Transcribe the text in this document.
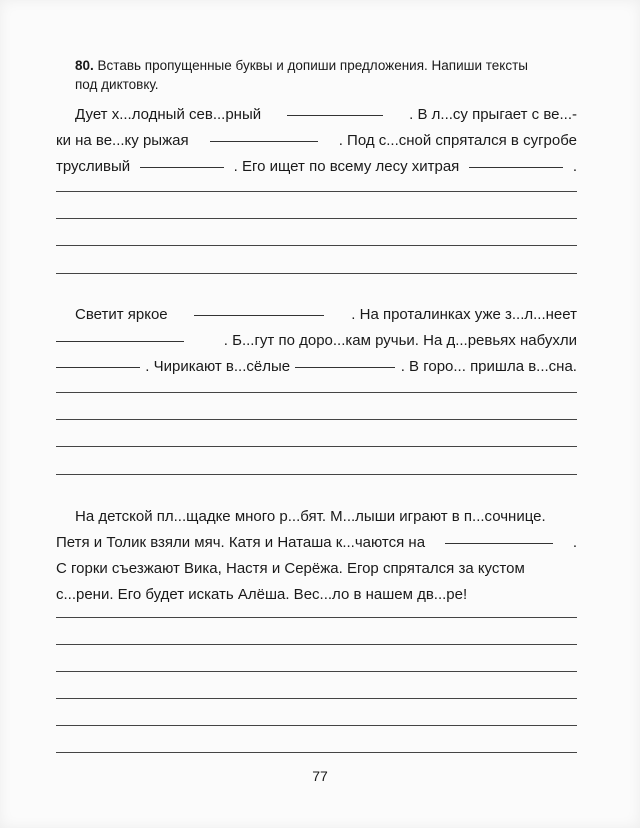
80. Вставь пропущенные буквы и допиши предложения. Напиши тексты
под диктовку.
Дует х...лодный сев...рный	. В л...су прыгает с ве...-
ки на ве...ку рыжая	. Под с...сной спрятался в сугробе
трусливый	. Его ищет по всему лесу хитрая	.
Светит яркое	. На проталинках уже з...л...неет
. Б...гут по доро...кам ручьи. На д...ревьях набухли
. Чирикают в...сёлые	. В горо... пришла в...сна.
На детской пл...щадке много р...бят. М...лыши играют в п...сочнице.
Петя и Толик взяли мяч. Катя и Наташа к...чаются на	.
С горки съезжают Вика, Настя и Серёжа. Егор спрятался за кустом
с...рени. Его будет искать Алёша. Вес...ло в нашем дв...ре!
77
